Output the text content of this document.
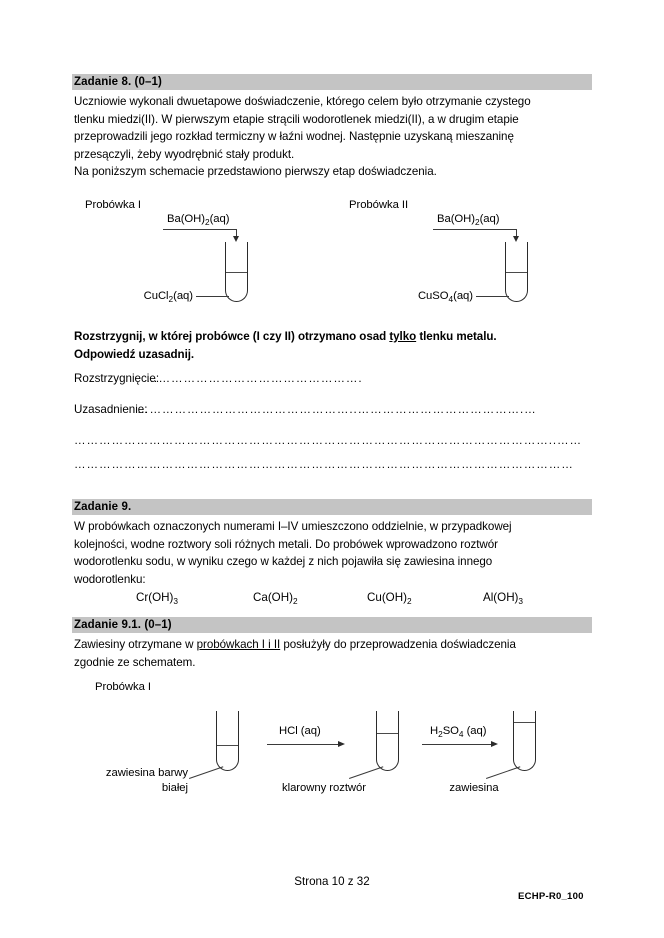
Zadanie 8. (0–1)
Uczniowie wykonali dwuetapowe doświadczenie, którego celem było otrzymanie czystego
tlenku miedzi(II). W pierwszym etapie strącili wodorotlenek miedzi(II), a w drugim etapie
przeprowadzili jego rozkład termiczny w łaźni wodnej. Następnie uzyskaną mieszaninę
przesączyli, żeby wyodrębnić stały produkt.
Na poniższym schemacie przedstawiono pierwszy etap doświadczenia.
Probówka I
$Ba(OH)_2(aq)$
CuCl$_2$(aq)
Probówka II
$Ba(OH)_2(aq)$
CuSO$_4$(aq)
Rozstrzygnij, w której probówce (I czy II) otrzymano osad tylko tlenku metalu.
Odpowiedź uzasadnij.
Rozstrzygnięcie:
…………………………………………….
Uzasadnienie:
……………………………………………..………………………………….…
……………………………………………………………………………………………………..……
…………………………………………………………………………………………………………
Zadanie 9.
W probówkach oznaczonych numerami I–IV umieszczono oddzielnie, w przypadkowej
kolejności, wodne roztwory soli różnych metali. Do probówek wprowadzono roztwór
wodorotlenku sodu, w wyniku czego w każdej z nich pojawiła się zawiesina innego
wodorotlenku:
$Cr(OH)_3$	$Ca(OH)_2$	$Cu(OH)_2$	$Al(OH)_3$
Zadanie 9.1. (0–1)
Zawiesiny otrzymane w probówkach I i II posłużyły do przeprowadzenia doświadczenia
zgodnie ze schematem.
Probówka I
zawiesina barwy
białej
HCl (aq)
klarowny roztwór
$H_2SO_4$ (aq)
zawiesina
Strona 10 z 32
ECHP-R0_100
